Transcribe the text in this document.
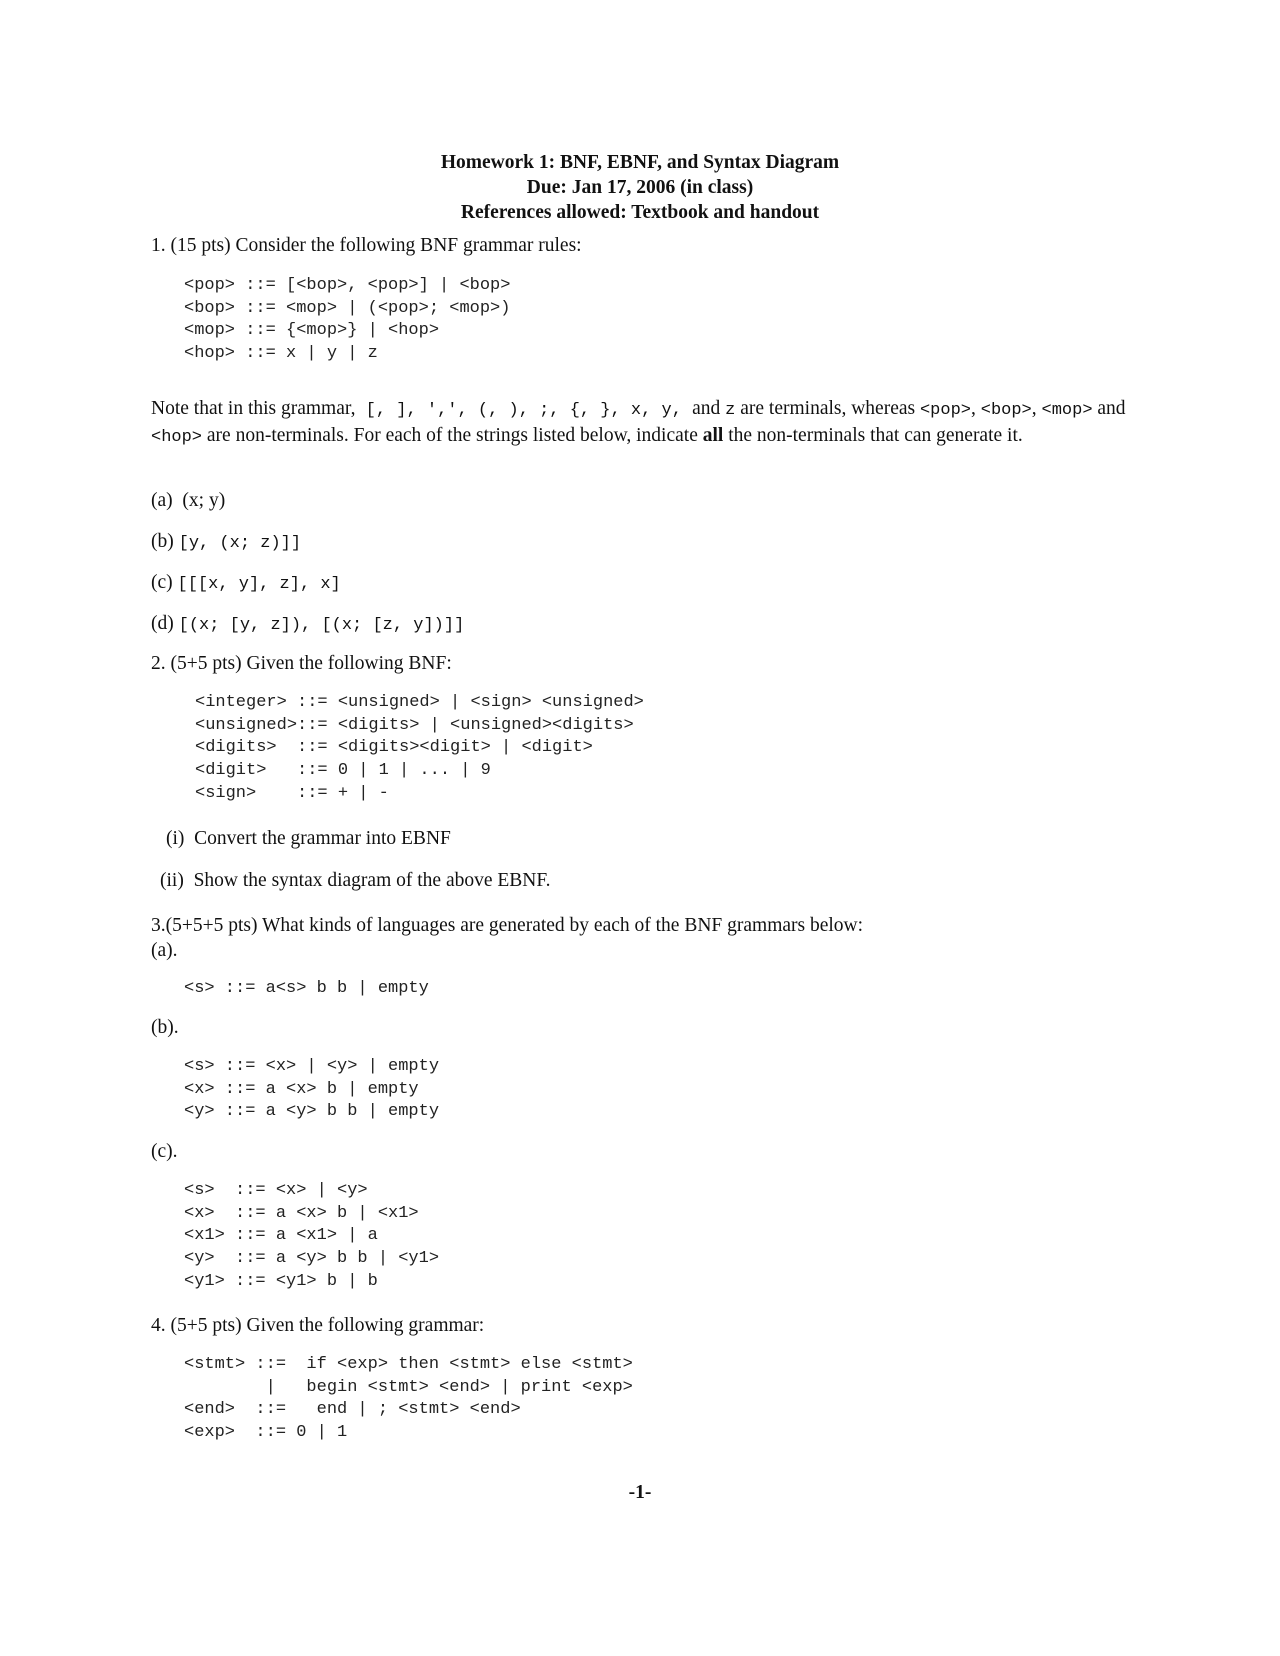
Homework 1: BNF, EBNF, and Syntax Diagram
Due: Jan 17, 2006 (in class)
References allowed: Textbook and handout
1. (15 pts) Consider the following BNF grammar rules:
<pop> ::= [<bop>, <pop>] | <bop>
<bop> ::= <mop> | (<pop>; <mop>)
<mop> ::= {<mop>} | <hop>
<hop> ::= x | y | z
Note that in this grammar, [, ], ',', (, ), ;, {, }, x, y, and z are terminals, whereas <pop>, <bop>, <mop> and <hop> are non-terminals. For each of the strings listed below, indicate all the non-terminals that can generate it.
(a) (x; y)
(b) [y, (x; z)]]
(c) [[[x, y], z], x]
(d) [(x; [y, z]), [(x; [z, y])]]
2. (5+5 pts) Given the following BNF:
<integer> ::= <unsigned> | <sign> <unsigned>
<unsigned>::= <digits> | <unsigned><digits>
<digits>  ::= <digits><digit> | <digit>
<digit>   ::= 0 | 1 | ... | 9
<sign>    ::= + | -
(i) Convert the grammar into EBNF
(ii) Show the syntax diagram of the above EBNF.
3.(5+5+5 pts) What kinds of languages are generated by each of the BNF grammars below:
(a).
<s> ::= a<s> b b | empty
(b).
<s> ::= <x> | <y> | empty
<x> ::= a <x> b | empty
<y> ::= a <y> b b | empty
(c).
<s>  ::= <x> | <y>
<x>  ::= a <x> b | <x1>
<x1> ::= a <x1> | a
<y>  ::= a <y> b b | <y1>
<y1> ::= <y1> b | b
4. (5+5 pts) Given the following grammar:
<stmt> ::=  if <exp> then <stmt> else <stmt>
|   begin <stmt> <end> | print <exp>
<end>  ::=   end | ; <stmt> <end>
<exp>  ::= 0 | 1
-1-
